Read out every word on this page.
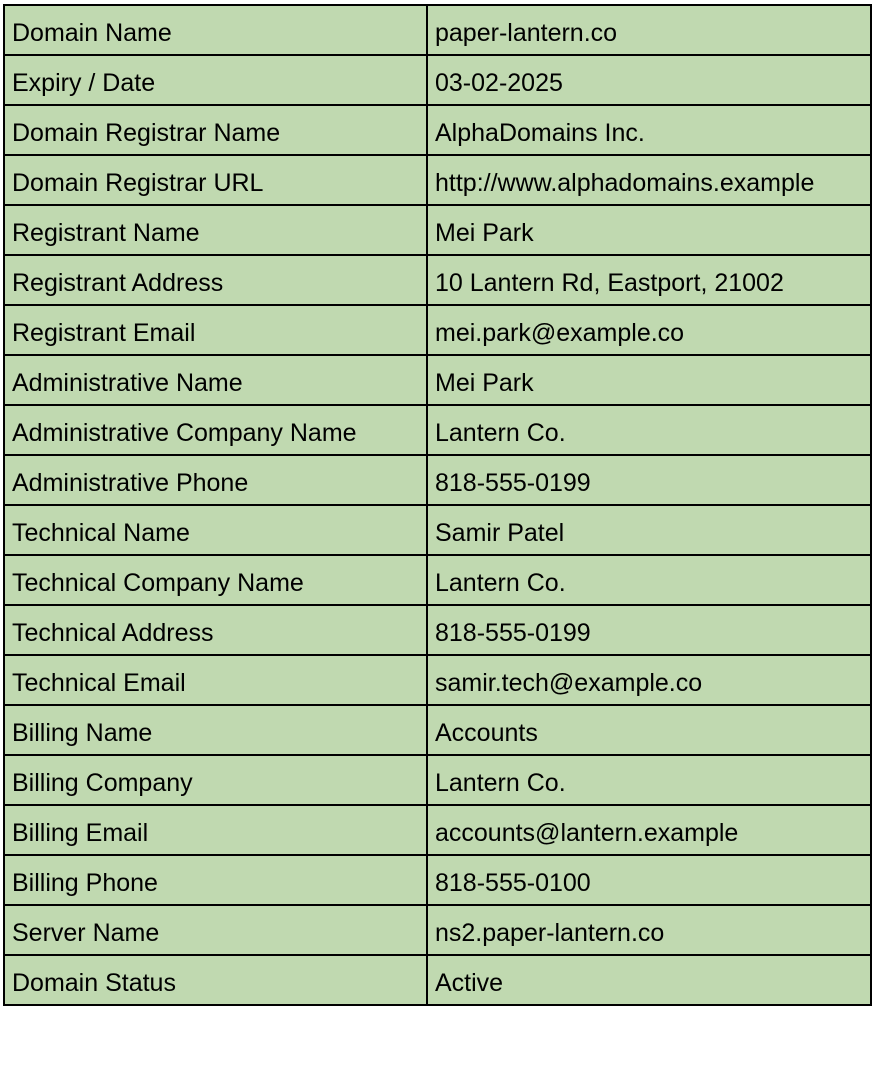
Domain Name	paper-lantern.co
Expiry / Date	03-02-2025
Domain Registrar Name	AlphaDomains Inc.
Domain Registrar URL	http://www.alphadomains.example
Registrant Name	Mei Park
Registrant Address	10 Lantern Rd, Eastport, 21002
Registrant Email	mei.park@example.co
Administrative Name	Mei Park
Administrative Company Name	Lantern Co.
Administrative Phone	818-555-0199
Technical Name	Samir Patel
Technical Company Name	Lantern Co.
Technical Address	818-555-0199
Technical Email	samir.tech@example.co
Billing Name	Accounts
Billing Company	Lantern Co.
Billing Email	accounts@lantern.example
Billing Phone	818-555-0100
Server Name	ns2.paper-lantern.co
Domain Status	Active
